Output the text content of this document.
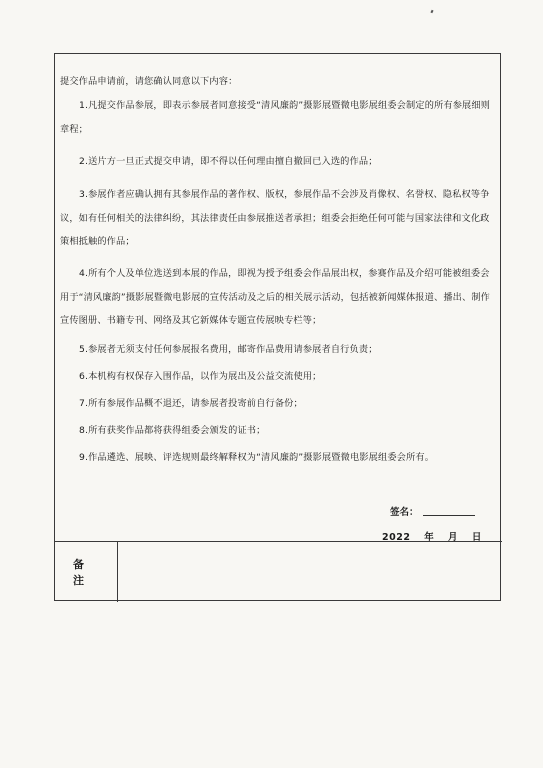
提交作品申请前，请您确认同意以下内容：

1.凡提交作品参展，即表示参展者同意接受“清风廉韵”摄影展暨微电影展组委会制定的所有参展细则章程；

2.送片方一旦正式提交申请，即不得以任何理由擅自撤回已入选的作品；

3.参展作者应确认拥有其参展作品的著作权、版权，参展作品不会涉及肖像权、名誉权、隐私权等争议，如有任何相关的法律纠纷，其法律责任由参展推送者承担；组委会拒绝任何可能与国家法律和文化政策相抵触的作品；

4.所有个人及单位选送到本展的作品，即视为授予组委会作品展出权，参赛作品及介绍可能被组委会用于“清风廉韵”摄影展暨微电影展的宣传活动及之后的相关展示活动，包括被新闻媒体报道、播出、制作宣传图册、书籍专刊、网络及其它新媒体专题宣传展映专栏等；

5.参展者无须支付任何参展报名费用，邮寄作品费用请参展者自行负责；

6.本机构有权保存入围作品，以作为展出及公益交流使用；

7.所有参展作品概不退还，请参展者投寄前自行备份；

8.所有获奖作品都将获得组委会颁发的证书；

9.作品遴选、展映、评选规则最终解释权为“清风廉韵”摄影展暨微电影展组委会所有。

签名：
2022 年 月 日
备注
